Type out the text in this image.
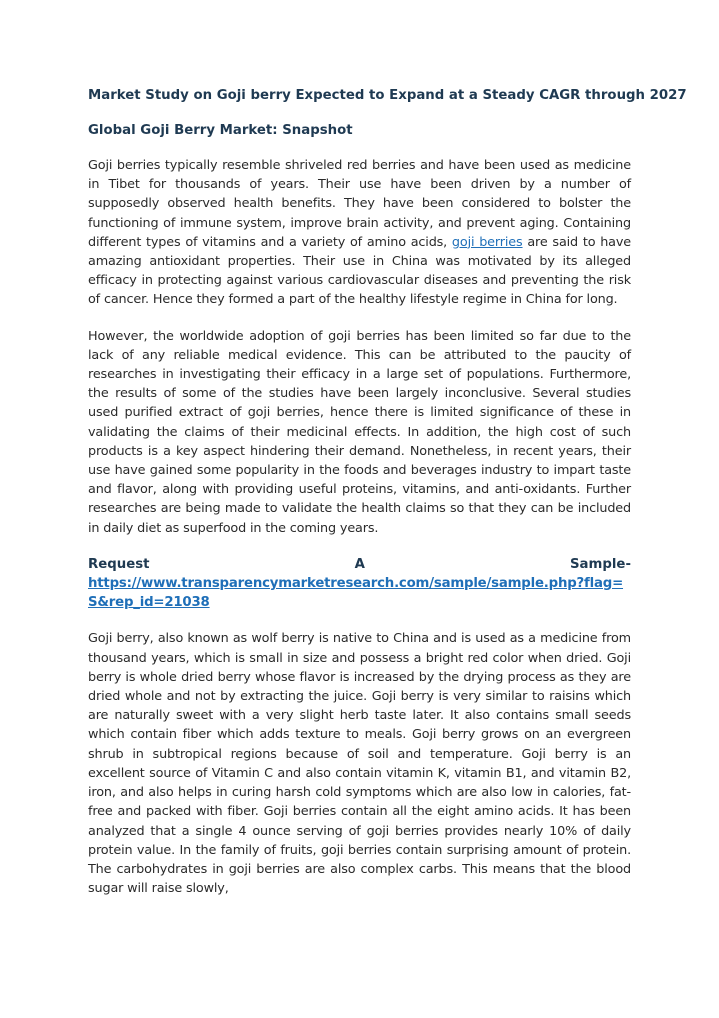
Market Study on Goji berry Expected to Expand at a Steady CAGR through 2027
Global Goji Berry Market: Snapshot

Goji berries typically resemble shriveled red berries and have been used as medicine in Tibet for thousands of years. Their use have been driven by a number of supposedly observed health benefits. They have been considered to bolster the functioning of immune system, improve brain activity, and prevent aging. Containing different types of vitamins and a variety of amino acids, goji berries are said to have amazing antioxidant properties. Their use in China was motivated by its alleged efficacy in protecting against various cardiovascular diseases and preventing the risk of cancer. Hence they formed a part of the healthy lifestyle regime in China for long.

However, the worldwide adoption of goji berries has been limited so far due to the lack of any reliable medical evidence. This can be attributed to the paucity of researches in investigating their efficacy in a large set of populations. Furthermore, the results of some of the studies have been largely inconclusive. Several studies used purified extract of goji berries, hence there is limited significance of these in validating the claims of their medicinal effects. In addition, the high cost of such products is a key aspect hindering their demand. Nonetheless, in recent years, their use have gained some popularity in the foods and beverages industry to impart taste and flavor, along with providing useful proteins, vitamins, and anti-oxidants. Further researches are being made to validate the health claims so that they can be included in daily diet as superfood in the coming years.

Request	A	Sample-
https://www.transparencymarketresearch.com/sample/sample.php?flag=S&rep_id=21038

Goji berry, also known as wolf berry is native to China and is used as a medicine from thousand years, which is small in size and possess a bright red color when dried. Goji berry is whole dried berry whose flavor is increased by the drying process as they are dried whole and not by extracting the juice. Goji berry is very similar to raisins which are naturally sweet with a very slight herb taste later. It also contains small seeds which contain fiber which adds texture to meals. Goji berry grows on an evergreen shrub in subtropical regions because of soil and temperature. Goji berry is an excellent source of Vitamin C and also contain vitamin K, vitamin B1, and vitamin B2, iron, and also helps in curing harsh cold symptoms which are also low in calories, fat-free and packed with fiber. Goji berries contain all the eight amino acids. It has been analyzed that a single 4 ounce serving of goji berries provides nearly 10% of daily protein value. In the family of fruits, goji berries contain surprising amount of protein. The carbohydrates in goji berries are also complex carbs. This means that the blood sugar will raise slowly,
